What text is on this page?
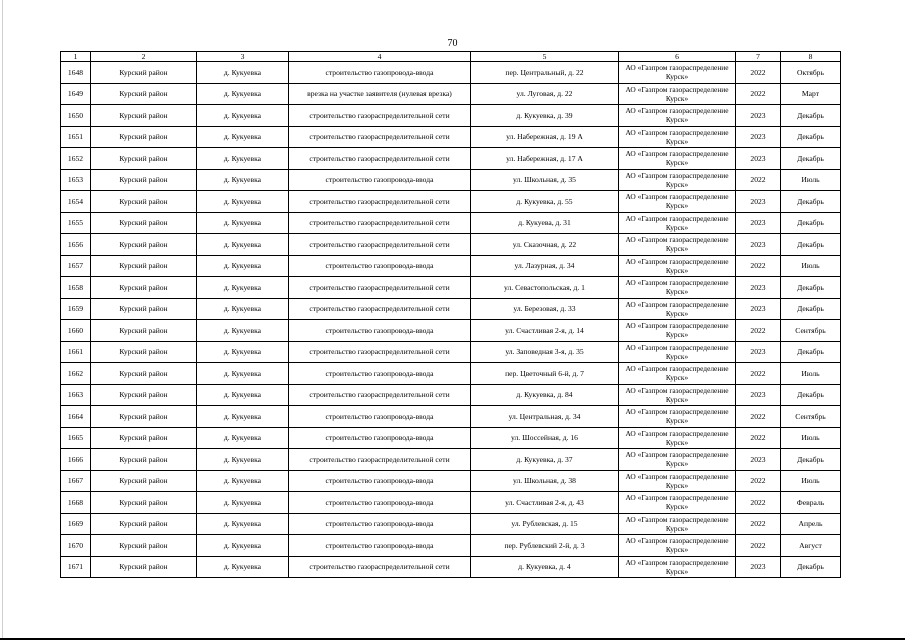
70
1	2	3	4	5	6	7	8
1648	Курский район	д. Кукуевка	строительство газопровода-ввода	пер. Центральный, д. 22	АО «Газпром газораспределение Курск»	2022	Октябрь
1649	Курский район	д. Кукуевка	врезка на участке заявителя (нулевая врезка)	ул. Луговая, д. 22	АО «Газпром газораспределение Курск»	2022	Март
1650	Курский район	д. Кукуевка	строительство газораспределительной сети	д. Кукуевка, д. 39	АО «Газпром газораспределение Курск»	2023	Декабрь
1651	Курский район	д. Кукуевка	строительство газораспределительной сети	ул. Набережная, д. 19 А	АО «Газпром газораспределение Курск»	2023	Декабрь
1652	Курский район	д. Кукуевка	строительство газораспределительной сети	ул. Набережная, д. 17 А	АО «Газпром газораспределение Курск»	2023	Декабрь
1653	Курский район	д. Кукуевка	строительство газопровода-ввода	ул. Школьная, д. 35	АО «Газпром газораспределение Курск»	2022	Июль
1654	Курский район	д. Кукуевка	строительство газораспределительной сети	д. Кукуевка, д. 55	АО «Газпром газораспределение Курск»	2023	Декабрь
1655	Курский район	д. Кукуевка	строительство газораспределительной сети	д. Кукуева, д. 31	АО «Газпром газораспределение Курск»	2023	Декабрь
1656	Курский район	д. Кукуевка	строительство газораспределительной сети	ул. Сказочная, д. 22	АО «Газпром газораспределение Курск»	2023	Декабрь
1657	Курский район	д. Кукуевка	строительство газопровода-ввода	ул. Лазурная, д. 34	АО «Газпром газораспределение Курск»	2022	Июль
1658	Курский район	д. Кукуевка	строительство газораспределительной сети	ул. Севастопольская, д. 1	АО «Газпром газораспределение Курск»	2023	Декабрь
1659	Курский район	д. Кукуевка	строительство газораспределительной сети	ул. Березовая, д. 33	АО «Газпром газораспределение Курск»	2023	Декабрь
1660	Курский район	д. Кукуевка	строительство газопровода-ввода	ул. Счастливая 2-я, д. 14	АО «Газпром газораспределение Курск»	2022	Сентябрь
1661	Курский район	д. Кукуевка	строительство газораспределительной сети	ул. Заповедная 3-я, д. 35	АО «Газпром газораспределение Курск»	2023	Декабрь
1662	Курский район	д. Кукуевка	строительство газопровода-ввода	пер. Цветочный 6-й, д. 7	АО «Газпром газораспределение Курск»	2022	Июль
1663	Курский район	д. Кукуевка	строительство газораспределительной сети	д. Кукуевка, д. 84	АО «Газпром газораспределение Курск»	2023	Декабрь
1664	Курский район	д. Кукуевка	строительство газопровода-ввода	ул. Центральная, д. 34	АО «Газпром газораспределение Курск»	2022	Сентябрь
1665	Курский район	д. Кукуевка	строительство газопровода-ввода	ул. Шоссейная, д. 16	АО «Газпром газораспределение Курск»	2022	Июль
1666	Курский район	д. Кукуевка	строительство газораспределительной сети	д. Кукуевка, д. 37	АО «Газпром газораспределение Курск»	2023	Декабрь
1667	Курский район	д. Кукуевка	строительство газопровода-ввода	ул. Школьная, д. 38	АО «Газпром газораспределение Курск»	2022	Июль
1668	Курский район	д. Кукуевка	строительство газопровода-ввода	ул. Счастливая 2-я, д. 43	АО «Газпром газораспределение Курск»	2022	Февраль
1669	Курский район	д. Кукуевка	строительство газопровода-ввода	ул. Рублевская, д. 15	АО «Газпром газораспределение Курск»	2022	Апрель
1670	Курский район	д. Кукуевка	строительство газопровода-ввода	пер. Рублевский 2-й, д. 3	АО «Газпром газораспределение Курск»	2022	Август
1671	Курский район	д. Кукуевка	строительство газораспределительной сети	д. Кукуевка, д. 4	АО «Газпром газораспределение Курск»	2023	Декабрь
